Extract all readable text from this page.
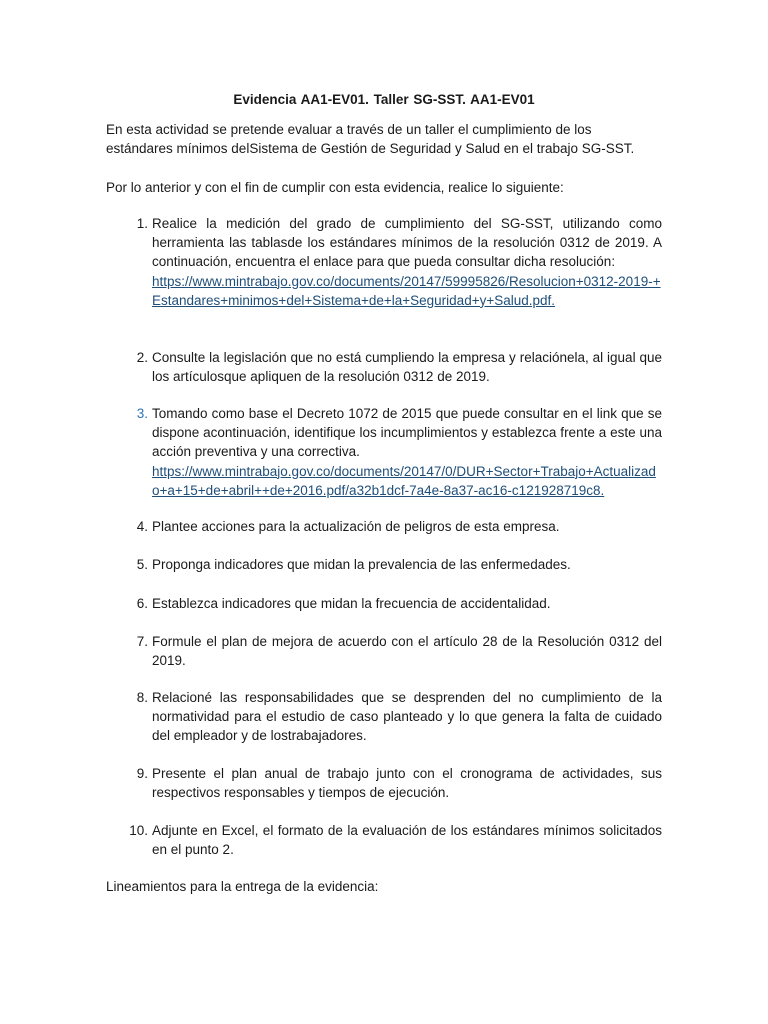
Evidencia AA1-EV01. Taller SG-SST. AA1-EV01

En esta actividad se pretende evaluar a través de un taller el cumplimiento de los estándares mínimos delSistema de Gestión de Seguridad y Salud en el trabajo SG-SST.

Por lo anterior y con el fin de cumplir con esta evidencia, realice lo siguiente:

1. Realice la medición del grado de cumplimiento del SG-SST, utilizando como herramienta las tablasde los estándares mínimos de la resolución 0312 de 2019. A continuación, encuentra el enlace para que pueda consultar dicha resolución:
https://www.mintrabajo.gov.co/documents/20147/59995826/Resolucion+0312-2019-+Estandares+minimos+del+Sistema+de+la+Seguridad+y+Salud.pdf.
2. Consulte la legislación que no está cumpliendo la empresa y relaciónela, al igual que los artículosque apliquen de la resolución 0312 de 2019.
3. Tomando como base el Decreto 1072 de 2015 que puede consultar en el link que se dispone acontinuación, identifique los incumplimientos y establezca frente a este una acción preventiva y una correctiva.
https://www.mintrabajo.gov.co/documents/20147/0/DUR+Sector+Trabajo+Actualizado+a+15+de+abril++de+2016.pdf/a32b1dcf-7a4e-8a37-ac16-c121928719c8.
4. Plantee acciones para la actualización de peligros de esta empresa.
5. Proponga indicadores que midan la prevalencia de las enfermedades.
6. Establezca indicadores que midan la frecuencia de accidentalidad.
7. Formule el plan de mejora de acuerdo con el artículo 28 de la Resolución 0312 del 2019.
8. Relacioné las responsabilidades que se desprenden del no cumplimiento de la normatividad para el estudio de caso planteado y lo que genera la falta de cuidado del empleador y de lostrabajadores.
9. Presente el plan anual de trabajo junto con el cronograma de actividades, sus respectivos responsables y tiempos de ejecución.
10. Adjunte en Excel, el formato de la evaluación de los estándares mínimos solicitados en el punto 2.

Lineamientos para la entrega de la evidencia:
